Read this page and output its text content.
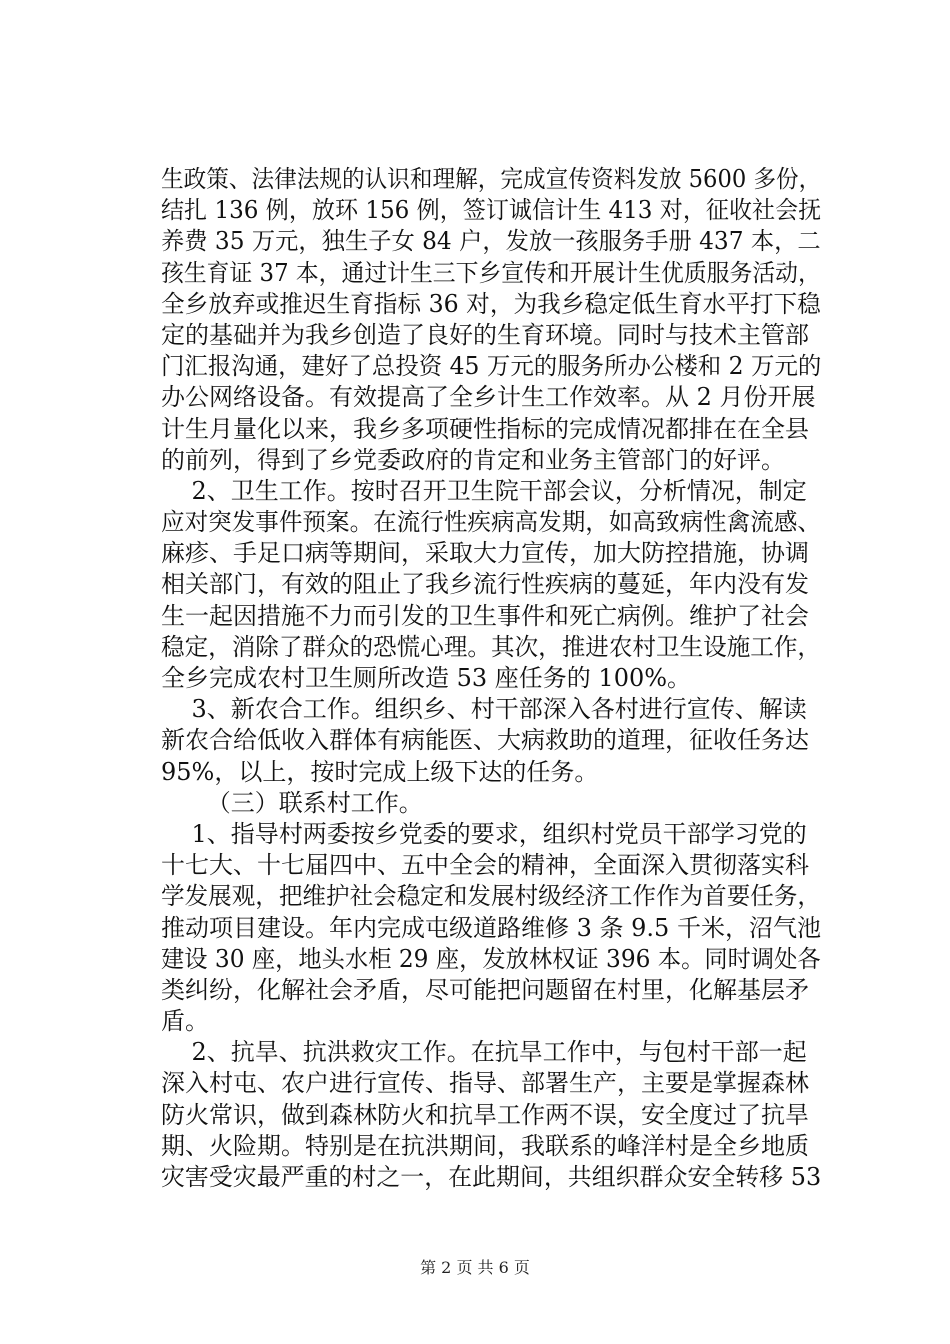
生政策、法律法规的认识和理解，完成宣传资料发放 5600 多份，
结扎 136 例，放环 156 例，签订诚信计生 413 对，征收社会抚
养费 35 万元，独生子女 84 户，发放一孩服务手册 437 本，二
孩生育证 37 本，通过计生三下乡宣传和开展计生优质服务活动，
全乡放弃或推迟生育指标 36 对，为我乡稳定低生育水平打下稳
定的基础并为我乡创造了良好的生育环境。同时与技术主管部
门汇报沟通，建好了总投资 45 万元的服务所办公楼和 2 万元的
办公网络设备。有效提高了全乡计生工作效率。从 2 月份开展
计生月量化以来，我乡多项硬性指标的完成情况都排在在全县
的前列，得到了乡党委政府的肯定和业务主管部门的好评。
2、卫生工作。按时召开卫生院干部会议，分析情况，制定
应对突发事件预案。在流行性疾病高发期，如高致病性禽流感、
麻疹、手足口病等期间，采取大力宣传，加大防控措施，协调
相关部门，有效的阻止了我乡流行性疾病的蔓延，年内没有发
生一起因措施不力而引发的卫生事件和死亡病例。维护了社会
稳定，消除了群众的恐慌心理。其次，推进农村卫生设施工作，
全乡完成农村卫生厕所改造 53 座任务的 100%。
3、新农合工作。组织乡、村干部深入各村进行宣传、解读
新农合给低收入群体有病能医、大病救助的道理，征收任务达
95%，以上，按时完成上级下达的任务。
（三）联系村工作。
1、指导村两委按乡党委的要求，组织村党员干部学习党的
十七大、十七届四中、五中全会的精神，全面深入贯彻落实科
学发展观，把维护社会稳定和发展村级经济工作作为首要任务，
推动项目建设。年内完成屯级道路维修 3 条 9.5 千米，沼气池
建设 30 座，地头水柜 29 座，发放林权证 396 本。同时调处各
类纠纷，化解社会矛盾，尽可能把问题留在村里，化解基层矛
盾。
2、抗旱、抗洪救灾工作。在抗旱工作中，与包村干部一起
深入村屯、农户进行宣传、指导、部署生产，主要是掌握森林
防火常识，做到森林防火和抗旱工作两不误，安全度过了抗旱
期、火险期。特别是在抗洪期间，我联系的峰洋村是全乡地质
灾害受灾最严重的村之一，在此期间，共组织群众安全转移 53
第 2 页 共 6 页
